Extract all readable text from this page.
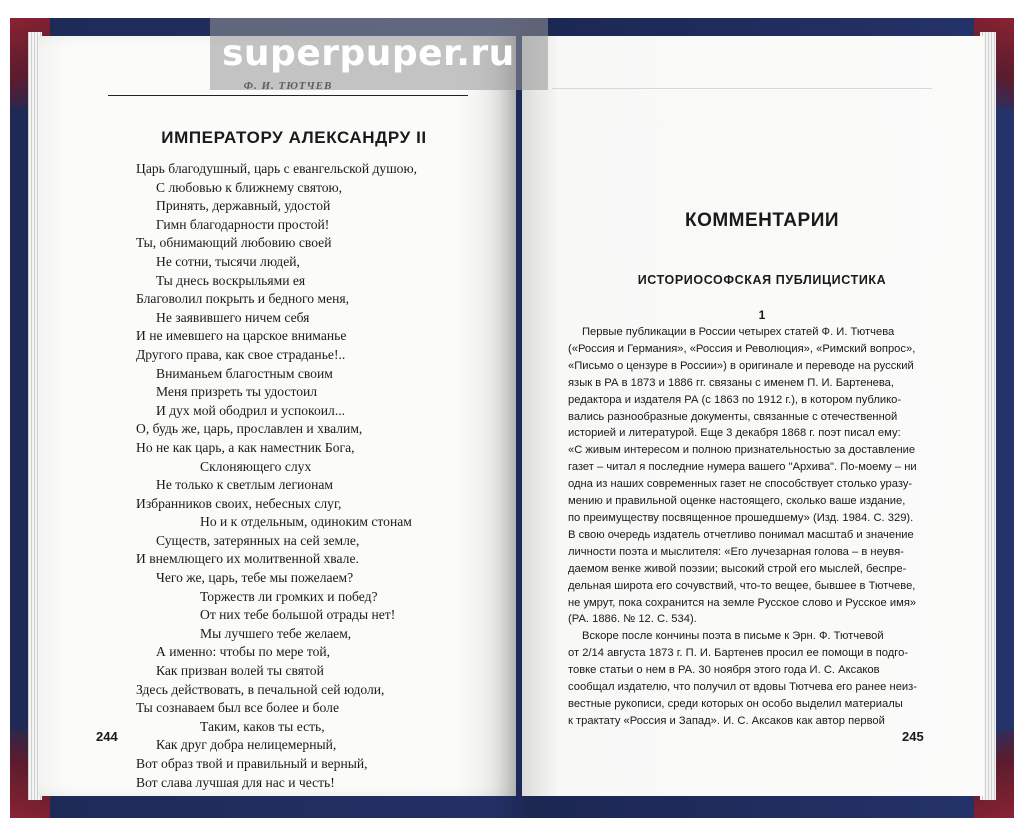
ИМПЕРАТОРУ АЛЕКСАНДРУ II
Царь благодушный, царь с евангельской душою,
С любовью к ближнему святою,
Принять, державный, удостой
Гимн благодарности простой!
Ты, обнимающий любовию своей
Не сотни, тысячи людей,
Ты днесь воскрыльями ея
Благоволил покрыть и бедного меня,
Не заявившего ничем себя
И не имевшего на царское вниманье
Другого права, как свое страданье!..
Вниманьем благостным своим
Меня призреть ты удостоил
И дух мой ободрил и успокоил...
О, будь же, царь, прославлен и хвалим,
Но не как царь, а как наместник Бога,
Склоняющего слух
Не только к светлым легионам
Избранников своих, небесных слуг,
Но и к отдельным, одиноким стонам
Существ, затерянных на сей земле,
И внемлющего их молитвенной хвале.
Чего же, царь, тебе мы пожелаем?
Торжеств ли громких и побед?
От них тебе большой отрады нет!
Мы лучшего тебе желаем,
А именно: чтобы по мере той,
Как призван волей ты святой
Здесь действовать, в печальной сей юдоли,
Ты сознаваем был все более и боле
Таким, каков ты есть,
Как друг добра нелицемерный,
Вот образ твой и правильный и верный,
Вот слава лучшая для нас и честь!
244
КОММЕНТАРИИ
ИСТОРИОСОФСКАЯ ПУБЛИЦИСТИКА
1

Первые публикации в России четырех статей Ф. И. Тютчева
(«Россия и Германия», «Россия и Революция», «Римский вопрос»,
«Письмо о цензуре в России») в оригинале и переводе на русский
язык в РА в 1873 и 1886 гг. связаны с именем П. И. Бартенева,
редактора и издателя РА (с 1863 по 1912 г.), в котором публико-
вались разнообразные документы, связанные с отечественной
историей и литературой. Еще 3 декабря 1868 г. поэт писал ему:
«С живым интересом и полною признательностью за доставление
газет – читал я последние нумера вашего "Архива". По-моему – ни
одна из наших современных газет не способствует столько уразу-
мению и правильной оценке настоящего, сколько ваше издание,
по преимуществу посвященное прошедшему» (Изд. 1984. С. 329).
В свою очередь издатель отчетливо понимал масштаб и значение
личности поэта и мыслителя: «Его лучезарная голова – в неувя-
даемом венке живой поэзии; высокий строй его мыслей, беспре-
дельная широта его сочувствий, что-то вещее, бывшее в Тютчеве,
не умрут, пока сохранится на земле Русское слово и Русское имя»
(РА. 1886. № 12. С. 534).

Вскоре после кончины поэта в письме к Эрн. Ф. Тютчевой
от 2/14 августа 1873 г. П. И. Бартенев просил ее помощи в подго-
товке статьи о нем в РА. 30 ноября этого года И. С. Аксаков
сообщал издателю, что получил от вдовы Тютчева его ранее неиз-
вестные рукописи, среди которых он особо выделил материалы
к трактату «Россия и Запад». И. С. Аксаков как автор первой

245
superpuper.ru
